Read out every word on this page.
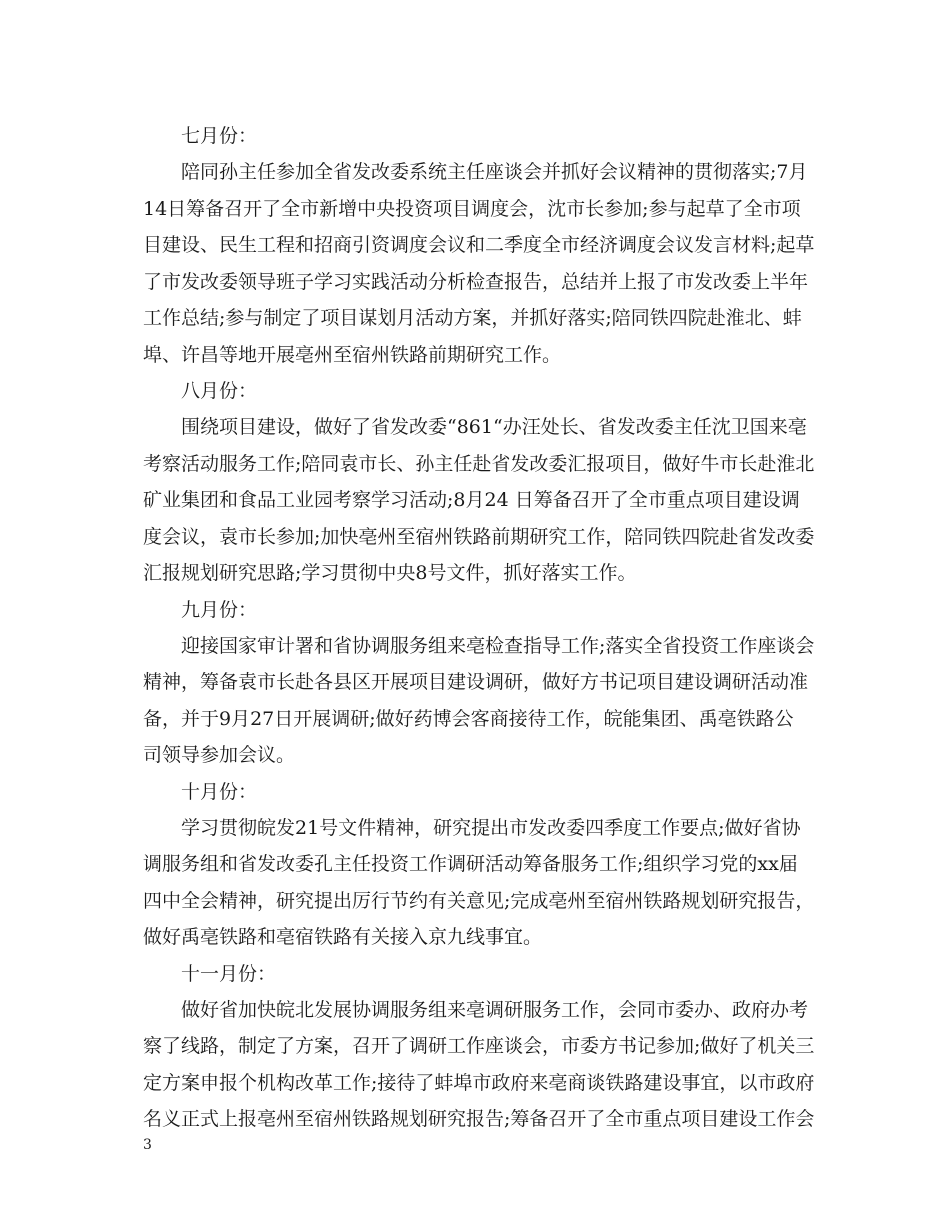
七月份：

陪同孙主任参加全省发改委系统主任座谈会并抓好会议精神的贯彻落实;7月
14日筹备召开了全市新增中央投资项目调度会，沈市长参加;参与起草了全市项
目建设、民生工程和招商引资调度会议和二季度全市经济调度会议发言材料;起草
了市发改委领导班子学习实践活动分析检查报告，总结并上报了市发改委上半年
工作总结;参与制定了项目谋划月活动方案，并抓好落实;陪同铁四院赴淮北、蚌
埠、许昌等地开展亳州至宿州铁路前期研究工作。

八月份：

围绕项目建设，做好了省发改委“861“办汪处长、省发改委主任沈卫国来亳
考察活动服务工作;陪同袁市长、孙主任赴省发改委汇报项目，做好牛市长赴淮北
矿业集团和食品工业园考察学习活动;8月24 日筹备召开了全市重点项目建设调
度会议，袁市长参加;加快亳州至宿州铁路前期研究工作，陪同铁四院赴省发改委
汇报规划研究思路;学习贯彻中央8号文件，抓好落实工作。

九月份：

迎接国家审计署和省协调服务组来亳检查指导工作;落实全省投资工作座谈会
精神，筹备袁市长赴各县区开展项目建设调研，做好方书记项目建设调研活动准
备，并于9月27日开展调研;做好药博会客商接待工作，皖能集团、禹亳铁路公
司领导参加会议。

十月份：

学习贯彻皖发21号文件精神，研究提出市发改委四季度工作要点;做好省协
调服务组和省发改委孔主任投资工作调研活动筹备服务工作;组织学习党的xx届
四中全会精神，研究提出厉行节约有关意见;完成亳州至宿州铁路规划研究报告，
做好禹亳铁路和亳宿铁路有关接入京九线事宜。

十一月份：

做好省加快皖北发展协调服务组来亳调研服务工作，会同市委办、政府办考
察了线路，制定了方案，召开了调研工作座谈会，市委方书记参加;做好了机关三
定方案申报个机构改革工作;接待了蚌埠市政府来亳商谈铁路建设事宜，以市政府
名义正式上报亳州至宿州铁路规划研究报告;筹备召开了全市重点项目建设工作会

3
